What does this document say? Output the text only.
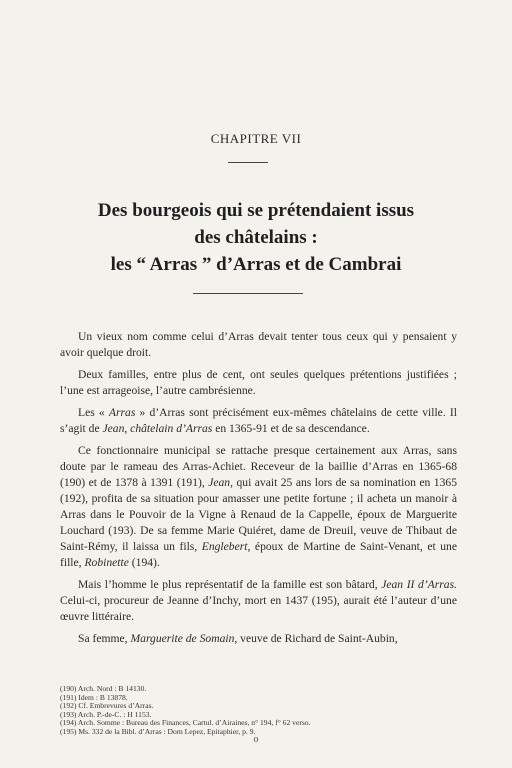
CHAPITRE VII
Des bourgeois qui se prétendaient issus
des châtelains :
les “ Arras ” d’Arras et de Cambrai

Un vieux nom comme celui d’Arras devait tenter tous ceux qui y pensaient y avoir quelque droit.

Deux familles, entre plus de cent, ont seules quelques prétentions justifiées ; l’une est arrageoise, l’autre cambrésienne.

Les « Arras » d’Arras sont précisément eux-mêmes châtelains de cette ville. Il s’agit de Jean, châtelain d’Arras en 1365-91 et de sa descendance.

Ce fonctionnaire municipal se rattache presque certainement aux Arras, sans doute par le rameau des Arras-Achiet. Receveur de la baillie d’Arras en 1365-68 (190) et de 1378 à 1391 (191), Jean, qui avait 25 ans lors de sa nomination en 1365 (192), profita de sa situation pour amasser une petite fortune ; il acheta un manoir à Arras dans le Pouvoir de la Vigne à Renaud de la Cappelle, époux de Marguerite Louchard (193). De sa femme Marie Quiéret, dame de Dreuil, veuve de Thibaut de Saint-Rémy, il laissa un fils, Englebert, époux de Martine de Saint-Venant, et une fille, Robinette (194).

Mais l’homme le plus représentatif de la famille est son bâtard, Jean II d’Arras. Celui-ci, procureur de Jeanne d’Inchy, mort en 1437 (195), aurait été l’auteur d’une œuvre littéraire.

Sa femme, Marguerite de Somain, veuve de Richard de Saint-Aubin,

(190) Arch. Nord : B 14130.
(191) Idem : B 13878.
(192) Cf. Embrevures d’Arras.
(193) Arch. P.-de-C. : H 1153.
(194) Arch. Somme : Bureau des Finances, Cartul. d’Airaines, n° 194, f° 62 verso.
(195) Ms. 332 de la Bibl. d’Arras : Dom Lepez, Epitaphier, p. 9.
o
